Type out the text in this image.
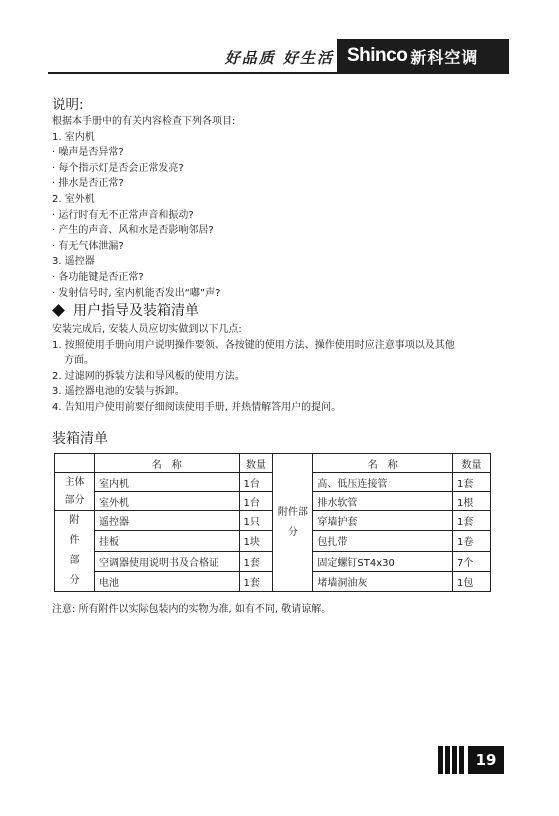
好品质 好生活 Shinco 新科空调
说明:
根据本手册中的有关内容检查下列各项目:
1. 室内机
· 噪声是否异常?
· 每个指示灯是否会正常发亮?
· 排水是否正常?
2. 室外机
· 运行时有无不正常声音和振动?
· 产生的声音、风和水是否影响邻居?
· 有无气体泄漏?
3. 遥控器
· 各功能键是否正常?
· 发射信号时, 室内机能否发出“嘟”声?
用户指导及装箱清单
安装完成后, 安装人员应切实做到以下几点:
1. 按照使用手册向用户说明操作要领、各按键的使用方法、操作使用时应注意事项以及其他
方面。
2. 过滤网的拆装方法和导风板的使用方法。
3. 遥控器电池的安装与拆卸。
4. 告知用户使用前要仔细阅读使用手册, 并热情解答用户的提问。
装箱清单
	名　称	数量	附件部分	名　称	数量

主体部分	室内机	1台		高、低压连接管	1套
	室外机	1台		排水软管	1根

附件部分	遥控器	1只		穿墙护套	1套
	挂板	1块		包扎带	1卷
	空调器使用说明书及合格证	1套		固定螺钉ST4x30	7个
	电池	1套		堵墙洞油灰	1包
注意: 所有附件以实际包装内的实物为准, 如有不同, 敬请谅解。
19
